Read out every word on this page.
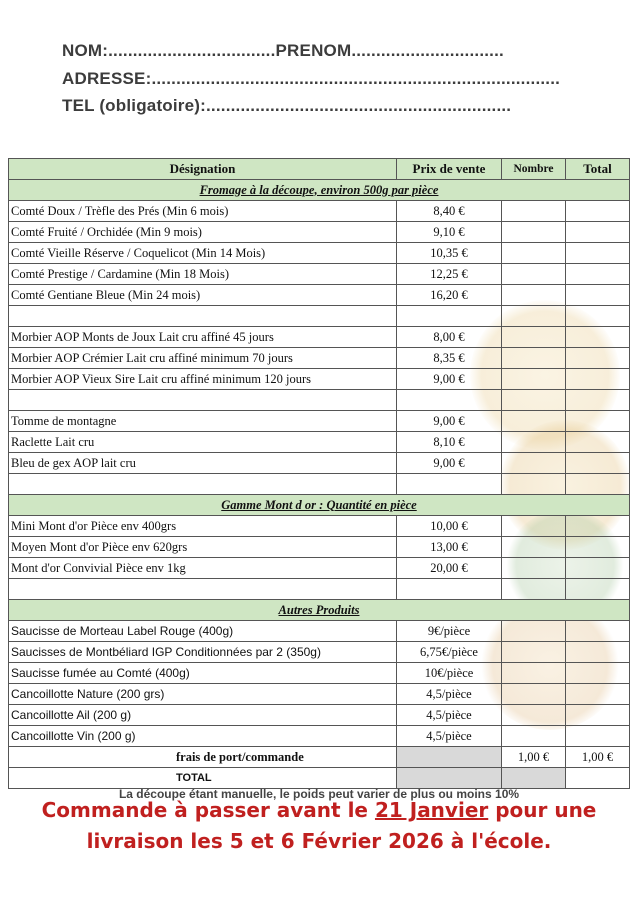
NOM:..................................PRENOM...............................
ADRESSE:...................................................................................
TEL (obligatoire):..............................................................
Désignation	Prix de vente	Nombre	Total
Fromage à la découpe, environ 500g par pièce			
Comté Doux / Trèfle des Prés (Min 6 mois)	8,40 €		
Comté Fruité / Orchidée (Min 9 mois)	9,10 €		
Comté Vieille Réserve / Coquelicot (Min 14 Mois)	10,35 €		
Comté Prestige / Cardamine (Min 18 Mois)	12,25 €		
Comté Gentiane Bleue (Min 24 mois)	16,20 €		

Morbier AOP Monts de Joux Lait cru affiné 45 jours	8,00 €		
Morbier AOP Crémier Lait cru affiné minimum 70 jours	8,35 €		
Morbier AOP Vieux Sire Lait cru affiné minimum 120 jours	9,00 €		

Tomme de montagne	9,00 €		
Raclette Lait cru	8,10 €		
Bleu de gex AOP lait cru	9,00 €		

Gamme Mont d or : Quantité en pièce			
Mini Mont d'or Pièce env 400grs	10,00 €		
Moyen Mont d'or Pièce env 620grs	13,00 €		
Mont d'or Convivial Pièce env 1kg	20,00 €		

Autres Produits			
Saucisse de Morteau Label Rouge (400g)	9€/pièce		
Saucisses de Montbéliard IGP Conditionnées par 2 (350g)	6,75€/pièce		
Saucisse fumée au Comté (400g)	10€/pièce		
Cancoillotte Nature (200 grs)	4,5/pièce		
Cancoillotte Ail (200 g)	4,5/pièce		
Cancoillotte Vin (200 g)	4,5/pièce		
frais de port/commande		1,00 €	1,00 €
TOTAL			
La découpe étant manuelle, le poids peut varier de plus ou moins 10%
Commande à passer avant le 21 Janvier pour une
livraison les 5 et 6 Février 2026 à l'école.
